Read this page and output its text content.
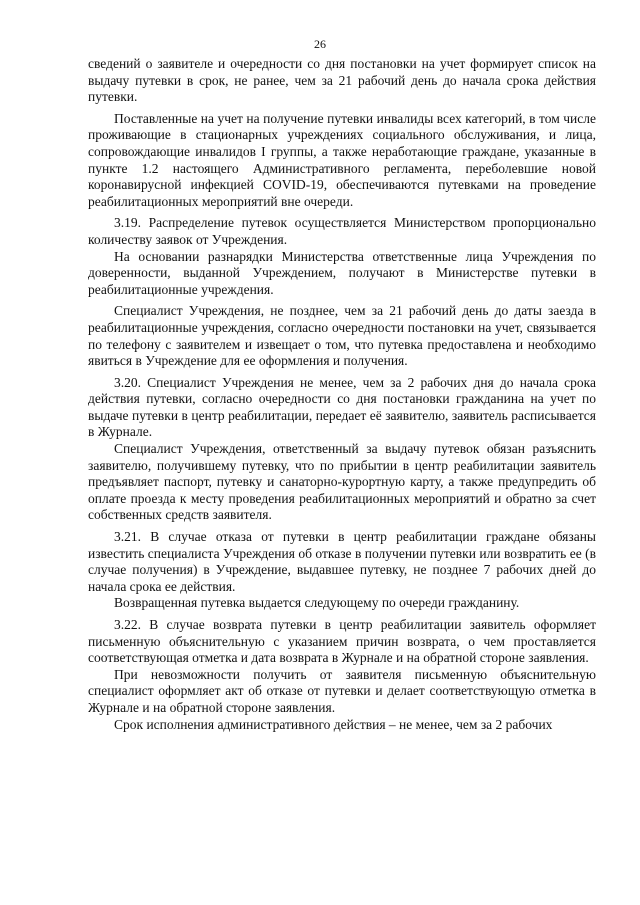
26

сведений о заявителе и очередности со дня постановки на учет формирует список на выдачу путевки в срок, не ранее, чем за 21 рабочий день до начала срока действия путевки.

Поставленные на учет на получение путевки инвалиды всех категорий, в том числе проживающие в стационарных учреждениях социального обслуживания, и лица, сопровождающие инвалидов I группы, а также неработающие граждане, указанные в пункте 1.2 настоящего Административного регламента, переболевшие новой коронавирусной инфекцией COVID-19, обеспечиваются путевками на проведение реабилитационных мероприятий вне очереди.

3.19. Распределение путевок осуществляется Министерством пропорционально количеству заявок от Учреждения.

На основании разнарядки Министерства ответственные лица Учреждения по доверенности, выданной Учреждением, получают в Министерстве путевки в реабилитационные учреждения.

Специалист Учреждения, не позднее, чем за 21 рабочий день до даты заезда в реабилитационные учреждения, согласно очередности постановки на учет, связывается по телефону с заявителем и извещает о том, что путевка предоставлена и необходимо явиться в Учреждение для ее оформления и получения.

3.20. Специалист Учреждения не менее, чем за 2 рабочих дня до начала срока действия путевки, согласно очередности со дня постановки гражданина на учет по выдаче путевки в центр реабилитации, передает её заявителю, заявитель расписывается в Журнале.

Специалист Учреждения, ответственный за выдачу путевок обязан разъяснить заявителю, получившему путевку, что по прибытии в центр реабилитации заявитель предъявляет паспорт, путевку и санаторно-курортную карту, а также предупредить об оплате проезда к месту проведения реабилитационных мероприятий и обратно за счет собственных средств заявителя.

3.21. В случае отказа от путевки в центр реабилитации граждане обязаны известить специалиста Учреждения об отказе в получении путевки или возвратить ее (в случае получения) в Учреждение, выдавшее путевку, не позднее 7 рабочих дней до начала срока ее действия.

Возвращенная путевка выдается следующему по очереди гражданину.

3.22. В случае возврата путевки в центр реабилитации заявитель оформляет письменную объяснительную с указанием причин возврата, о чем проставляется соответствующая отметка и дата возврата в Журнале и на обратной стороне заявления.

При невозможности получить от заявителя письменную объяснительную специалист оформляет акт об отказе от путевки и делает соответствующую отметка в Журнале и на обратной стороне заявления.

Срок исполнения административного действия – не менее, чем за 2 рабочих
